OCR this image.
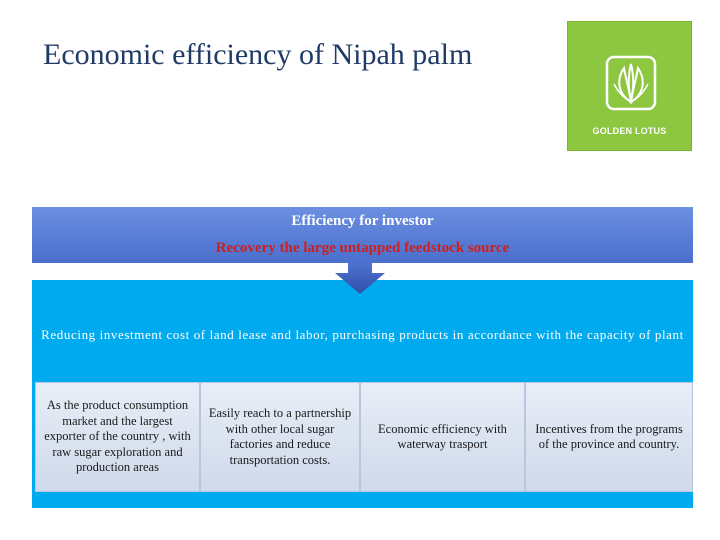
Economic efficiency of Nipah palm
GOLDEN LOTUS
Efficiency for investor
Recovery the large untapped feedstock source
Reducing investment cost of land lease and labor, purchasing products in accordance with the capacity of plant
As the product consumption market and the largest exporter of the country , with raw sugar exploration and production areas
Easily reach to a partnership with other local sugar factories and reduce transportation costs.
Economic efficiency with waterway trasport
Incentives from the programs of the province and country.
